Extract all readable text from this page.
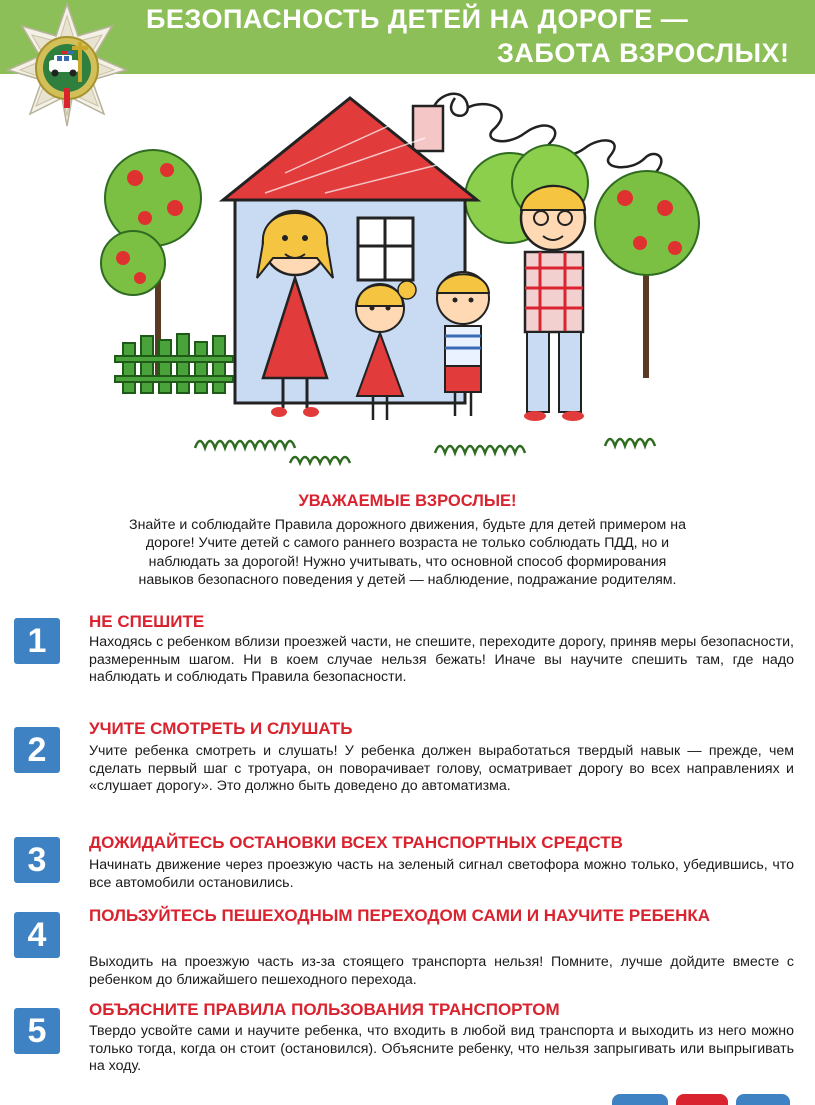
БЕЗОПАСНОСТЬ ДЕТЕЙ НА ДОРОГЕ —
ЗАБОТА ВЗРОСЛЫХ!
УВАЖАЕМЫЕ ВЗРОСЛЫЕ!
Знайте и соблюдайте Правила дорожного движения, будьте для детей примером на
дороге! Учите детей с самого раннего возраста не только соблюдать ПДД, но и
наблюдать за дорогой! Нужно учитывать, что основной способ формирования
навыков безопасного поведения у детей — наблюдение, подражание родителям.
1
НЕ СПЕШИТЕ
Находясь с ребенком вблизи проезжей части, не спешите, переходите дорогу, приняв меры безопасности, размеренным шагом. Ни в коем случае нельзя бежать! Иначе вы научите спешить там, где надо наблюдать и соблюдать Правила безопасности.
2
УЧИТЕ СМОТРЕТЬ И СЛУШАТЬ
Учите ребенка смотреть и слушать! У ребенка должен выработаться твердый навык — прежде, чем сделать первый шаг с тротуара, он поворачивает голову, осматривает дорогу во всех направлениях и «слушает дорогу». Это должно быть доведено до автоматизма.
3	ДОЖИДАЙТЕСЬ ОСТАНОВКИ ВСЕХ ТРАНСПОРТНЫХ СРЕДСТВ
Начинать движение через проезжую часть на зеленый сигнал светофора можно только, убедившись, что все автомобили остановились.
4
ПОЛЬЗУЙТЕСЬ ПЕШЕХОДНЫМ ПЕРЕХОДОМ САМИ И НАУЧИТЕ РЕБЕНКА
Выходить на проезжую часть из-за стоящего транспорта нельзя! Помните, лучше дойдите вместе с ребенком до ближайшего пешеходного перехода.
5
ОБЪЯСНИТЕ ПРАВИЛА ПОЛЬЗОВАНИЯ ТРАНСПОРТОМ
Твердо усвойте сами и научите ребенка, что входить в любой вид транспорта и выходить из него можно только тогда, когда он стоит (остановился). Объясните ребенку, что нельзя запрыгивать или выпрыгивать на ходу.
